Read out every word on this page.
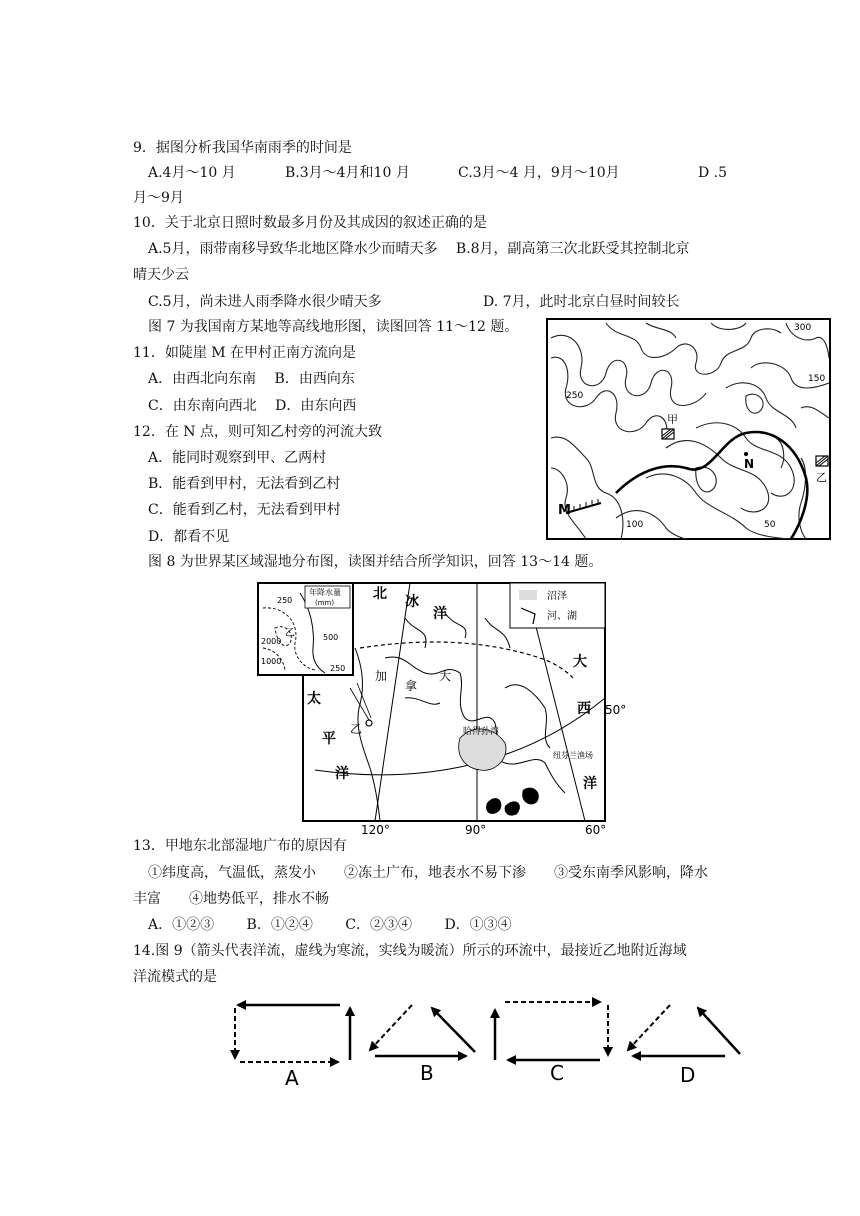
9．据图分析我国华南雨季的时间是
A.4月～10 月	B.3月～4月和10 月	C.3月～4 月，9月～10月	D .5
月～9月
10．关于北京日照时数最多月份及其成因的叙述正确的是
A.5月，雨带南移导致华北地区降水少而晴天多　 B.8月，副高第三次北跃受其控制北京
晴天少云
C.5月，尚未进人雨季降水很少晴天多	D. 7月，此时北京白昼时间较长
图 7 为我国南方某地等高线地形图，读图回答 11～12 题。
11．如陡崖 M 在甲村正南方流向是
A．由西北向东南　 B．由西向东
C．由东南向西北　 D．由东向西
12．在 N 点，则可知乙村旁的河流大致
A．能同时观察到甲、乙两村
B．能看到甲村，无法看到乙村
C．能看到乙村，无法看到甲村
D．都看不见
300
150
250
100	50
甲
乙
N
M
图 8 为世界某区域湿地分布图，读图并结合所学知识，回答 13～14 题。
年降水量
(mm)
250
2000	500
1000
250
乙
沼泽
河、湖
北 冰
洋
大
西
洋
太
平
洋
加
拿
大
乙	哈得孙湾
纽芬兰渔场
50°
120°	90°	60°
13．甲地东北部湿地广布的原因有
①纬度高，气温低，蒸发小　　②冻土广布，地表水不易下渗　　③受东南季风影响，降水
丰富　　④地势低平，排水不畅
A．①②③　　 B．①②④　　 C．②③④　　 D．①③④
14.图 9（箭头代表洋流，虚线为寒流，实线为暖流）所示的环流中，最接近乙地附近海域
洋流模式的是
A	B	C	D
